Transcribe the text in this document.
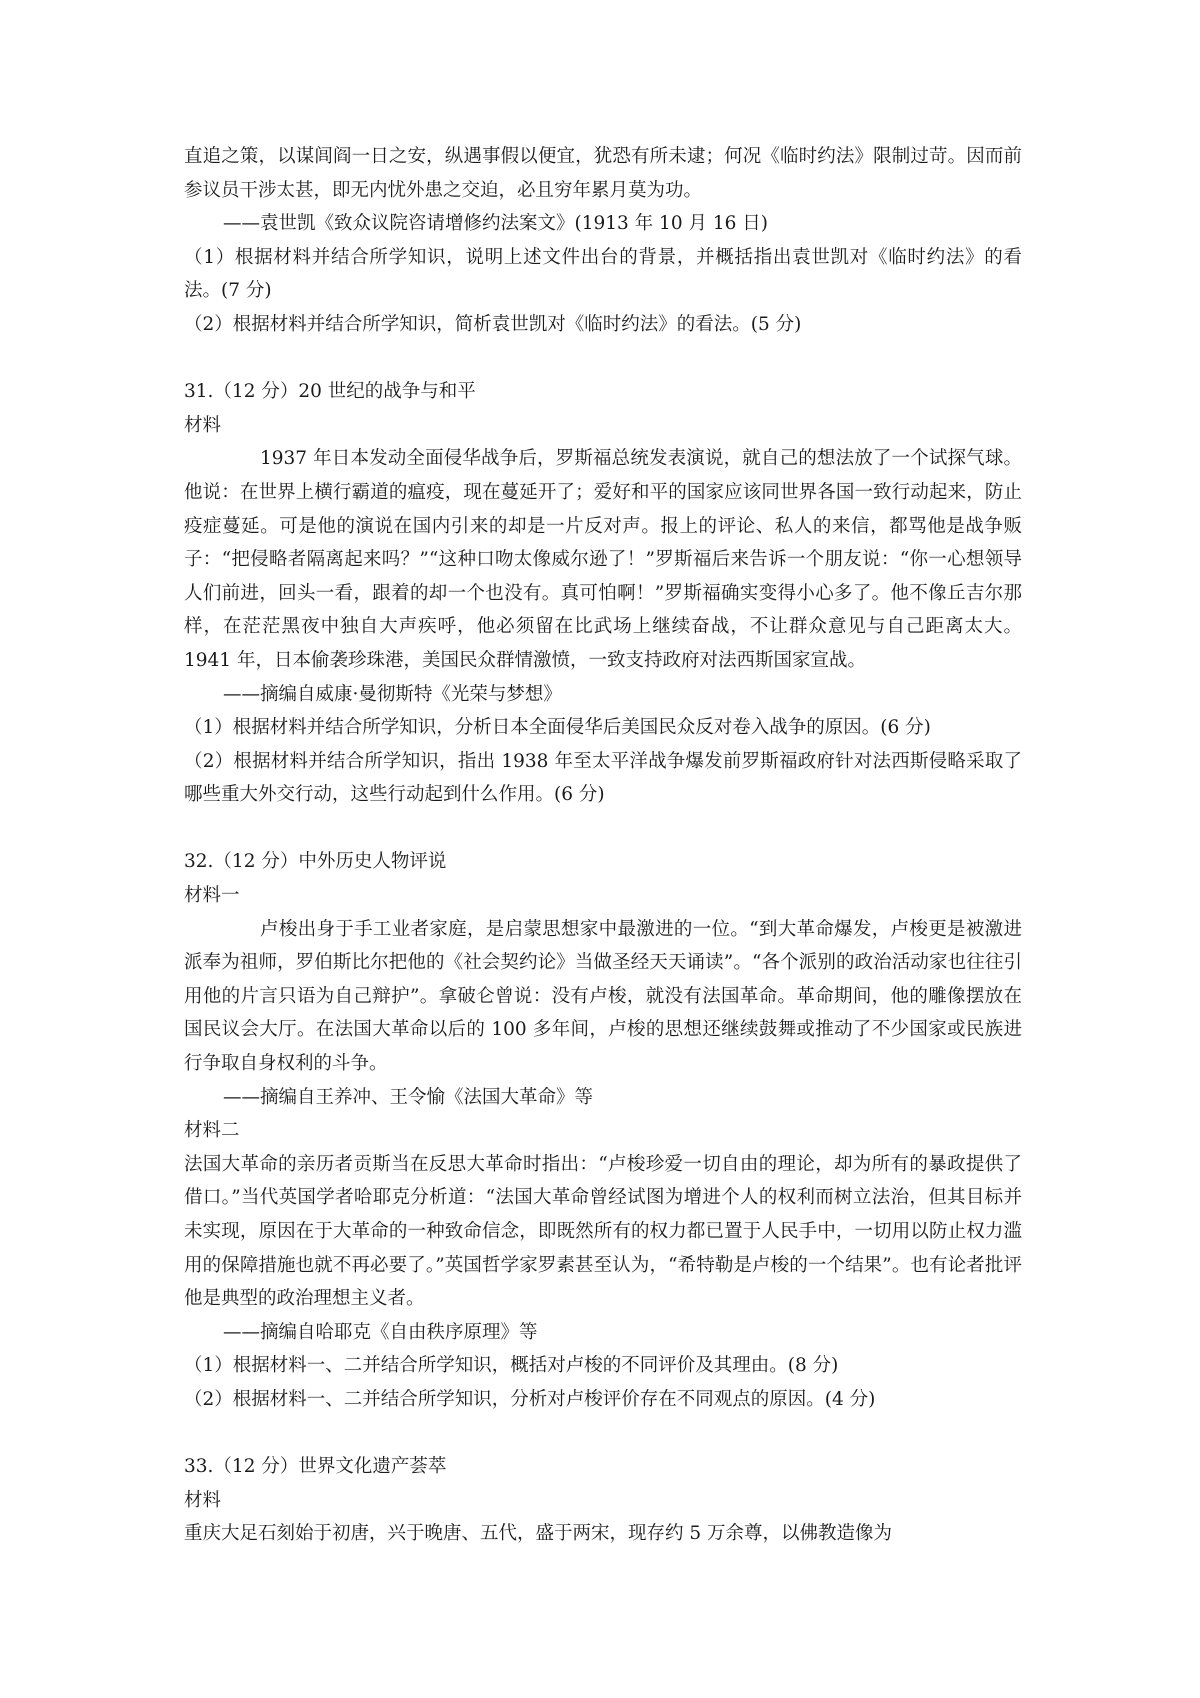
直追之策，以谋闾阎一日之安，纵遇事假以便宜，犹恐有所未逮；何况《临时约法》限制过苛。因而前参议员干涉太甚，即无内忧外患之交迫，必且穷年累月莫为功。

——袁世凯《致众议院咨请增修约法案文》(1913 年 10 月 16 日)

（1）根据材料并结合所学知识，说明上述文件出台的背景，并概括指出袁世凯对《临时约法》的看法。(7 分)

（2）根据材料并结合所学知识，简析袁世凯对《临时约法》的看法。(5 分)

31.（12 分）20 世纪的战争与和平

材料

1937 年日本发动全面侵华战争后，罗斯福总统发表演说，就自己的想法放了一个试探气球。他说：在世界上横行霸道的瘟疫，现在蔓延开了；爱好和平的国家应该同世界各国一致行动起来，防止疫症蔓延。可是他的演说在国内引来的却是一片反对声。报上的评论、私人的来信，都骂他是战争贩子：“把侵略者隔离起来吗？”“这种口吻太像威尔逊了！”罗斯福后来告诉一个朋友说：“你一心想领导人们前进，回头一看，跟着的却一个也没有。真可怕啊！”罗斯福确实变得小心多了。他不像丘吉尔那样，在茫茫黑夜中独自大声疾呼，他必须留在比武场上继续奋战，不让群众意见与自己距离太大。1941 年，日本偷袭珍珠港，美国民众群情激愤，一致支持政府对法西斯国家宣战。

——摘编自威康·曼彻斯特《光荣与梦想》

（1）根据材料并结合所学知识，分析日本全面侵华后美国民众反对卷入战争的原因。(6 分)

（2）根据材料并结合所学知识，指出 1938 年至太平洋战争爆发前罗斯福政府针对法西斯侵略采取了哪些重大外交行动，这些行动起到什么作用。(6 分)

32.（12 分）中外历史人物评说

材料一

卢梭出身于手工业者家庭，是启蒙思想家中最激进的一位。“到大革命爆发，卢梭更是被激进派奉为祖师，罗伯斯比尔把他的《社会契约论》当做圣经天天诵读”。“各个派别的政治活动家也往往引用他的片言只语为自己辩护”。拿破仑曾说：没有卢梭，就没有法国革命。革命期间，他的雕像摆放在国民议会大厅。在法国大革命以后的 100 多年间，卢梭的思想还继续鼓舞或推动了不少国家或民族进行争取自身权利的斗争。

——摘编自王养冲、王令愉《法国大革命》等

材料二

法国大革命的亲历者贡斯当在反思大革命时指出：“卢梭珍爱一切自由的理论，却为所有的暴政提供了借口。”当代英国学者哈耶克分析道：“法国大革命曾经试图为增进个人的权利而树立法治，但其目标并未实现，原因在于大革命的一种致命信念，即既然所有的权力都已置于人民手中，一切用以防止权力滥用的保障措施也就不再必要了。”英国哲学家罗素甚至认为，“希特勒是卢梭的一个结果”。也有论者批评他是典型的政治理想主义者。

——摘编自哈耶克《自由秩序原理》等

（1）根据材料一、二并结合所学知识，概括对卢梭的不同评价及其理由。(8 分)

（2）根据材料一、二并结合所学知识，分析对卢梭评价存在不同观点的原因。(4 分)

33.（12 分）世界文化遗产荟萃

材料

重庆大足石刻始于初唐，兴于晚唐、五代，盛于两宋，现存约 5 万余尊，以佛教造像为
